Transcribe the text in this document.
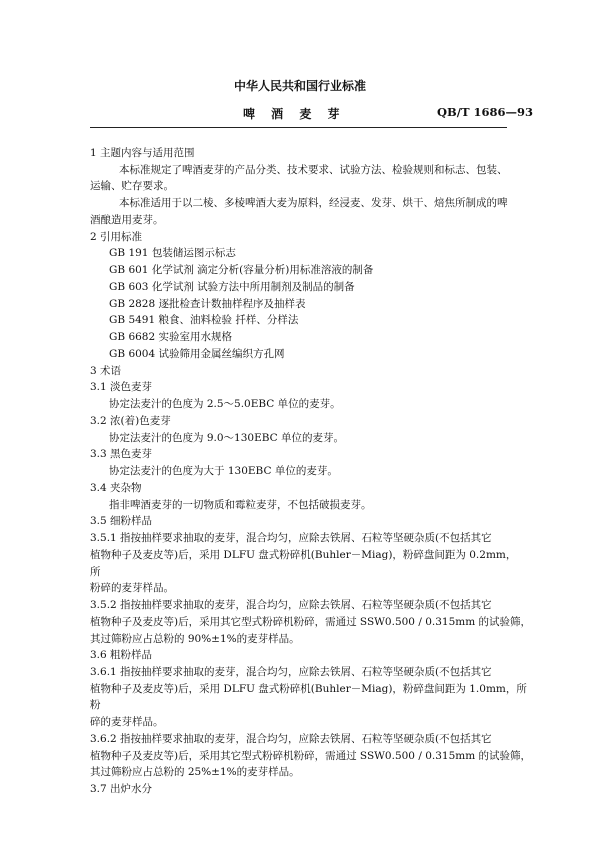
中华人民共和国行业标准
啤 酒 麦 芽	QB/T 1686—93
1 主题内容与适用范围
本标准规定了啤酒麦芽的产品分类、技术要求、试验方法、检验规则和标志、包装、
运输、贮存要求。
本标准适用于以二棱、多棱啤酒大麦为原料，经浸麦、发芽、烘干、焙焦所制成的啤
酒酿造用麦芽。
2 引用标准
GB 191 包装储运图示标志
GB 601 化学试剂 滴定分析(容量分析)用标准溶液的制备
GB 603 化学试剂 试验方法中所用制剂及制品的制备
GB 2828 逐批检查计数抽样程序及抽样表
GB 5491 粮食、油料检验 扦样、分样法
GB 6682 实验室用水规格
GB 6004 试验筛用金属丝编织方孔网
3 术语
3.1 淡色麦芽
协定法麦汁的色度为 2.5～5.0EBC 单位的麦芽。
3.2 浓(着)色麦芽
协定法麦汁的色度为 9.0～130EBC 单位的麦芽。
3.3 黑色麦芽
协定法麦汁的色度为大于 130EBC 单位的麦芽。
3.4 夹杂物
指非啤酒麦芽的一切物质和霉粒麦芽，不包括破损麦芽。
3.5 细粉样品
3.5.1 指按抽样要求抽取的麦芽，混合均匀，应除去铁屑、石粒等坚硬杂质(不包括其它
植物种子及麦皮等)后，采用 DLFU 盘式粉碎机(Buhler－Miag)，粉碎盘间距为 0.2mm，
所
粉碎的麦芽样品。
3.5.2 指按抽样要求抽取的麦芽，混合均匀，应除去铁屑、石粒等坚硬杂质(不包括其它
植物种子及麦皮等)后，采用其它型式粉碎机粉碎，需通过 SSW0.500 / 0.315mm 的试验筛，
其过筛粉应占总粉的 90%±1%的麦芽样品。
3.6 粗粉样品
3.6.1 指按抽样要求抽取的麦芽，混合均匀，应除去铁屑、石粒等坚硬杂质(不包括其它
植物种子及麦皮等)后，采用 DLFU 盘式粉碎机(Buhler－Miag)，粉碎盘间距为 1.0mm，所
粉
碎的麦芽样品。
3.6.2 指按抽样要求抽取的麦芽，混合均匀，应除去铁屑、石粒等坚硬杂质(不包括其它
植物种子及麦皮等)后，采用其它型式粉碎机粉碎，需通过 SSW0.500 / 0.315mm 的试验筛，
其过筛粉应占总粉的 25%±1%的麦芽样品。
3.7 出炉水分
